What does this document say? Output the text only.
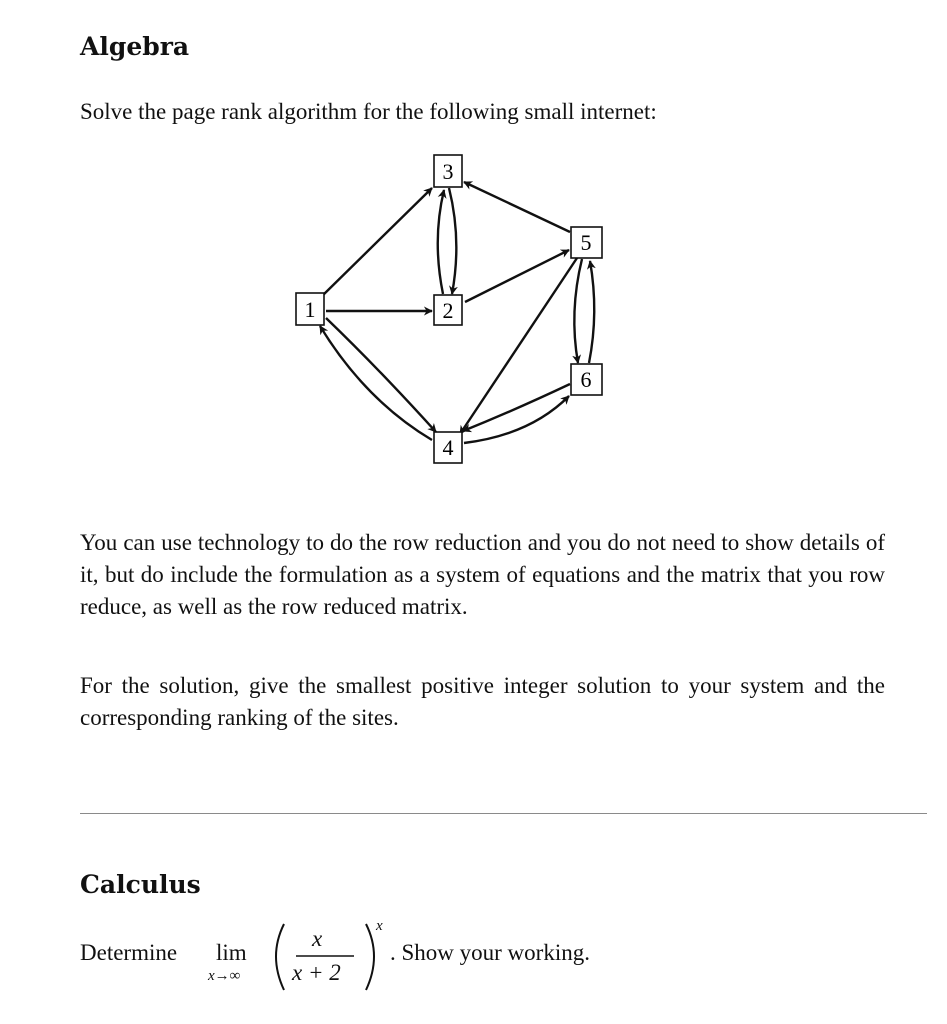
Algebra

Solve the page rank algorithm for the following small internet:

1	2
3
4
5
6

You can use technology to do the row reduction and you do not need to show details of it, but do include the formulation as a system of equations and the matrix that you row reduce, as well as the row reduced matrix.

For the solution, give the smallest positive integer solution to your system and the corresponding ranking of the sites.

Calculus
Determine lim
x→∞
x
x + 2
x
. Show your working.
